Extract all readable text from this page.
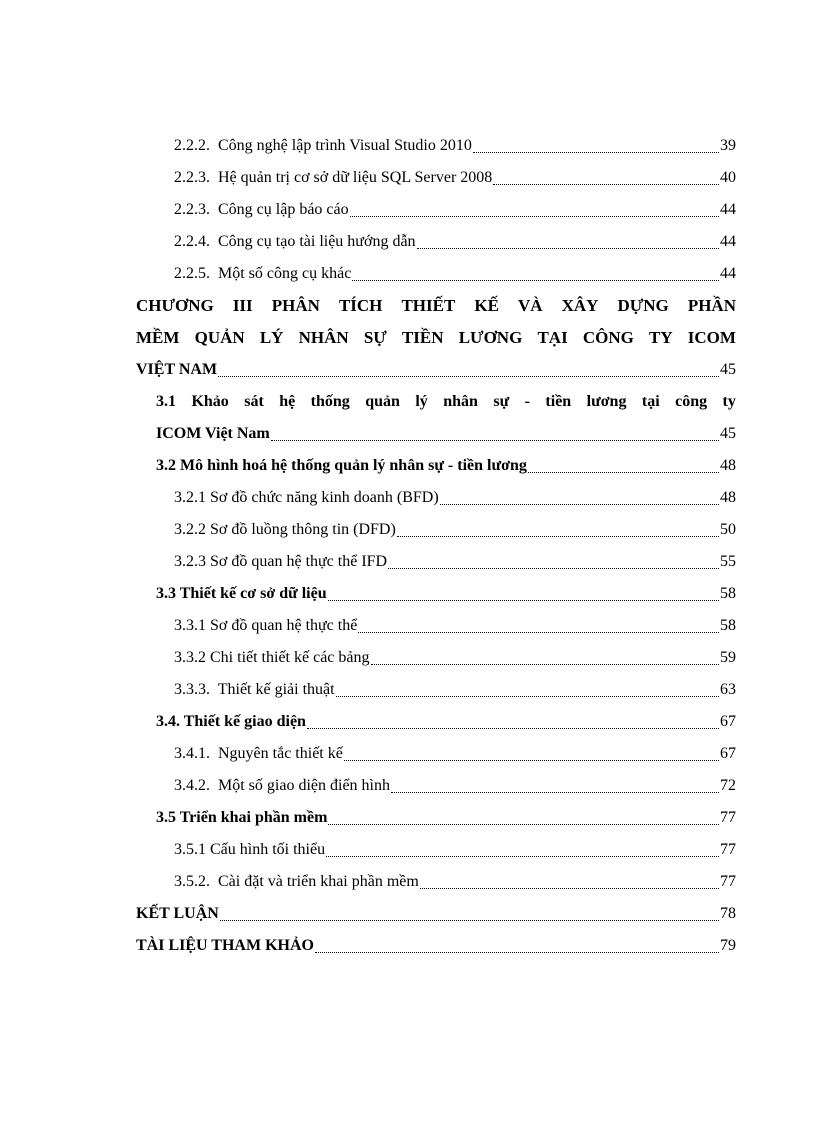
2.2.2. Công nghệ lập trình Visual Studio 2010	39
2.2.3. Hệ quản trị cơ sở dữ liệu SQL Server 2008	40
2.2.3. Công cụ lập báo cáo	44
2.2.4. Công cụ tạo tài liệu hướng dẫn	44
2.2.5. Một số công cụ khác	44
CHƯƠNG III PHÂN TÍCH THIẾT KẾ VÀ XÂY DỰNG PHẦN
MỀM QUẢN LÝ NHÂN SỰ TIỀN LƯƠNG TẠI CÔNG TY ICOM
VIỆT NAM	45
3.1 Khảo sát hệ thống quản lý nhân sự - tiền lương tại công ty
ICOM Việt Nam	45
3.2 Mô hình hoá hệ thống quản lý nhân sự - tiền lương	48
3.2.1 Sơ đồ chức năng kinh doanh (BFD)	48
3.2.2 Sơ đồ luồng thông tin (DFD)	50
3.2.3 Sơ đồ quan hệ thực thể IFD	55
3.3 Thiết kế cơ sở dữ liệu	58
3.3.1 Sơ đồ quan hệ thực thể	58
3.3.2 Chi tiết thiết kế các bảng	59
3.3.3. Thiết kế giải thuật	63
3.4. Thiết kế giao diện	67
3.4.1. Nguyên tắc thiết kế	67
3.4.2. Một số giao diện điển hình	72
3.5 Triển khai phần mềm	77
3.5.1 Cấu hình tối thiểu	77
3.5.2. Cài đặt và triển khai phần mềm	77
KẾT LUẬN	78
TÀI LIỆU THAM KHẢO	79
